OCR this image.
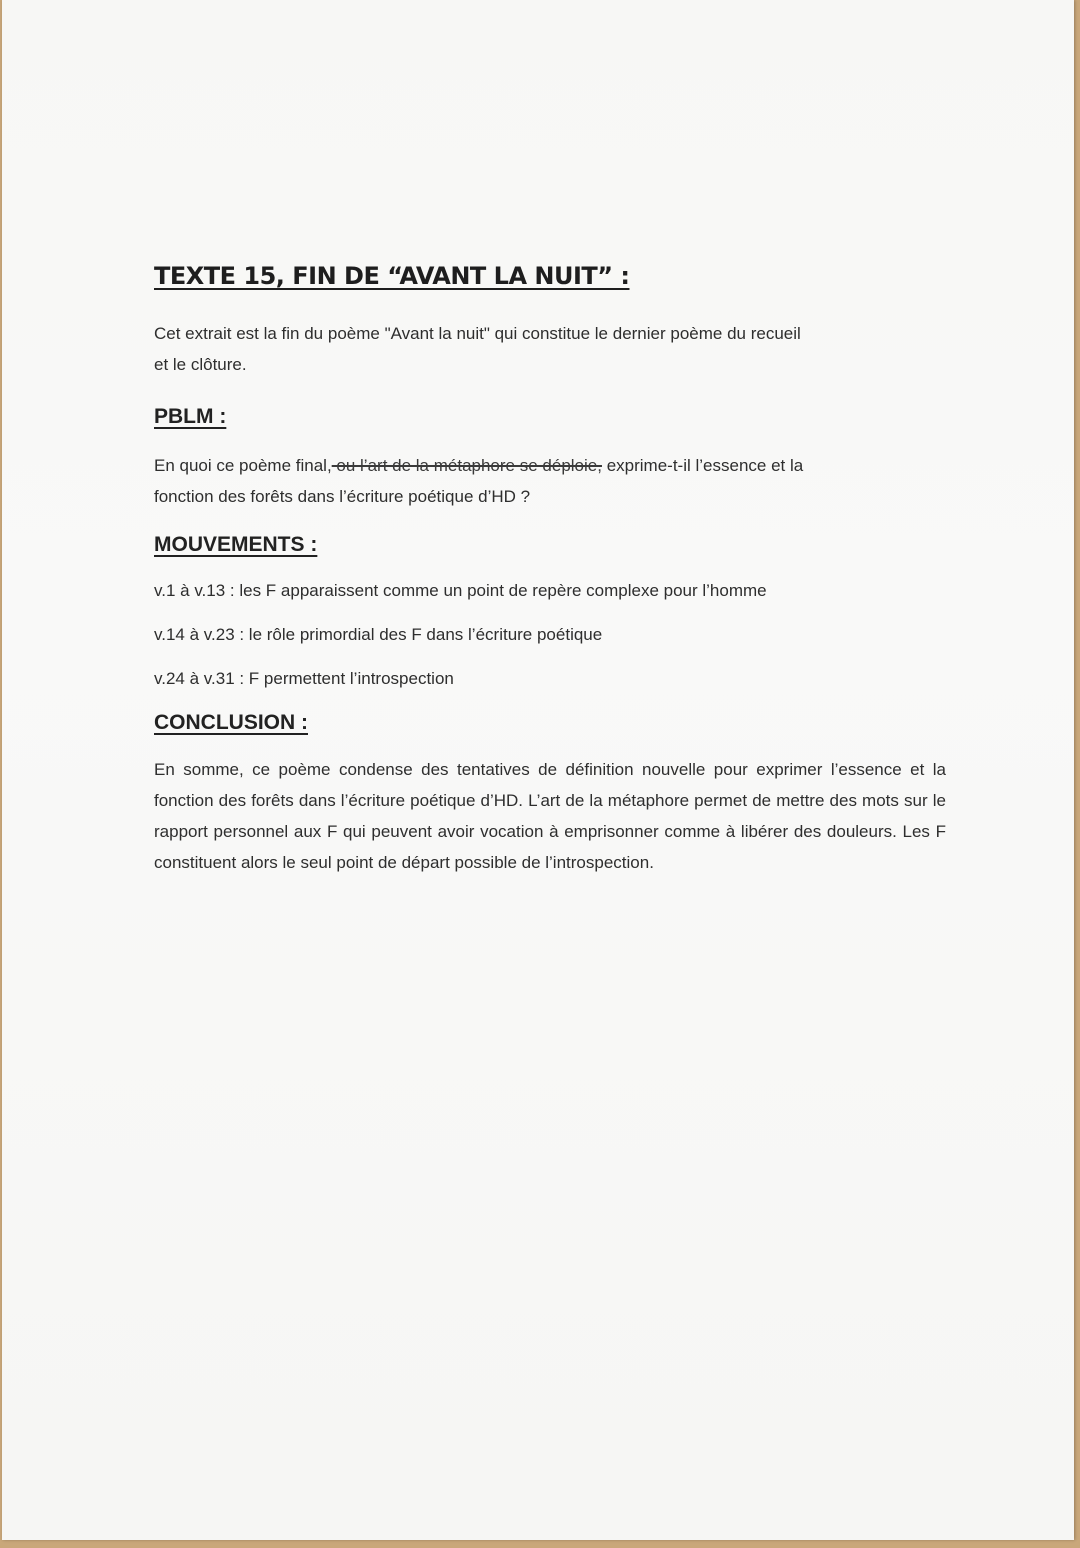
TEXTE 15, FIN DE “AVANT LA NUIT” :

Cet extrait est la fin du poème "Avant la nuit" qui constitue le dernier poème du recueil

et le clôture.

PBLM :

En quoi ce poème final, ou l’art de la métaphore se déploie, exprime-t-il l’essence et la

fonction des forêts dans l’écriture poétique d’HD ?

MOUVEMENTS :

v.1 à v.13 : les F apparaissent comme un point de repère complexe pour l’homme

v.14 à v.23 : le rôle primordial des F dans l’écriture poétique

v.24 à v.31 : F permettent l’introspection

CONCLUSION :

En somme, ce poème condense des tentatives de définition nouvelle pour exprimer l’essence et la fonction des forêts dans l’écriture poétique d’HD. L’art de la métaphore permet de mettre des mots sur le rapport personnel aux F qui peuvent avoir vocation à emprisonner comme à libérer des douleurs. Les F constituent alors le seul point de départ possible de l’introspection.
